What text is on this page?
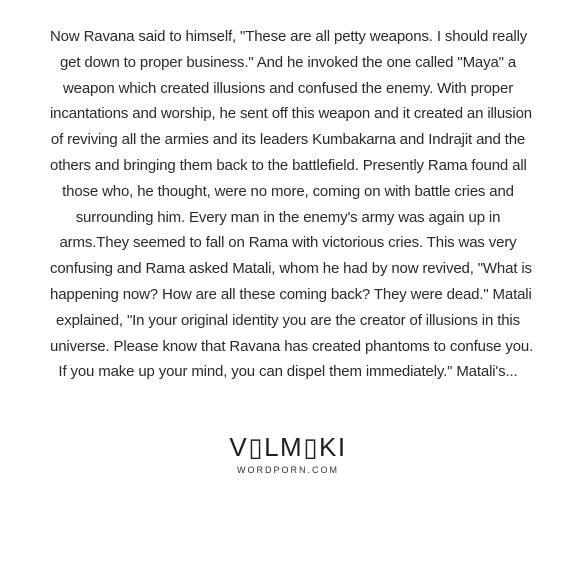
Now Ravana said to himself, "These are all petty weapons. I should really
get down to proper business." And he invoked the one called "Maya" a
weapon which created illusions and confused the enemy. With proper
incantations and worship, he sent off this weapon and it created an illusion
of reviving all the armies and its leaders Kumbakarna and Indrajit and the
others and bringing them back to the battlefield. Presently Rama found all
those who, he thought, were no more, coming on with battle cries and
surrounding him. Every man in the enemy's army was again up in
arms.They seemed to fall on Rama with victorious cries. This was very
confusing and Rama asked Matali, whom he had by now revived, "What is
happening now? How are all these coming back? They were dead." Matali
explained, "In your original identity you are the creator of illusions in this
universe. Please know that Ravana has created phantoms to confuse you.
If you make up your mind, you can dispel them immediately." Matali's...

V▯LM▯KI
WORDPORN.COM
